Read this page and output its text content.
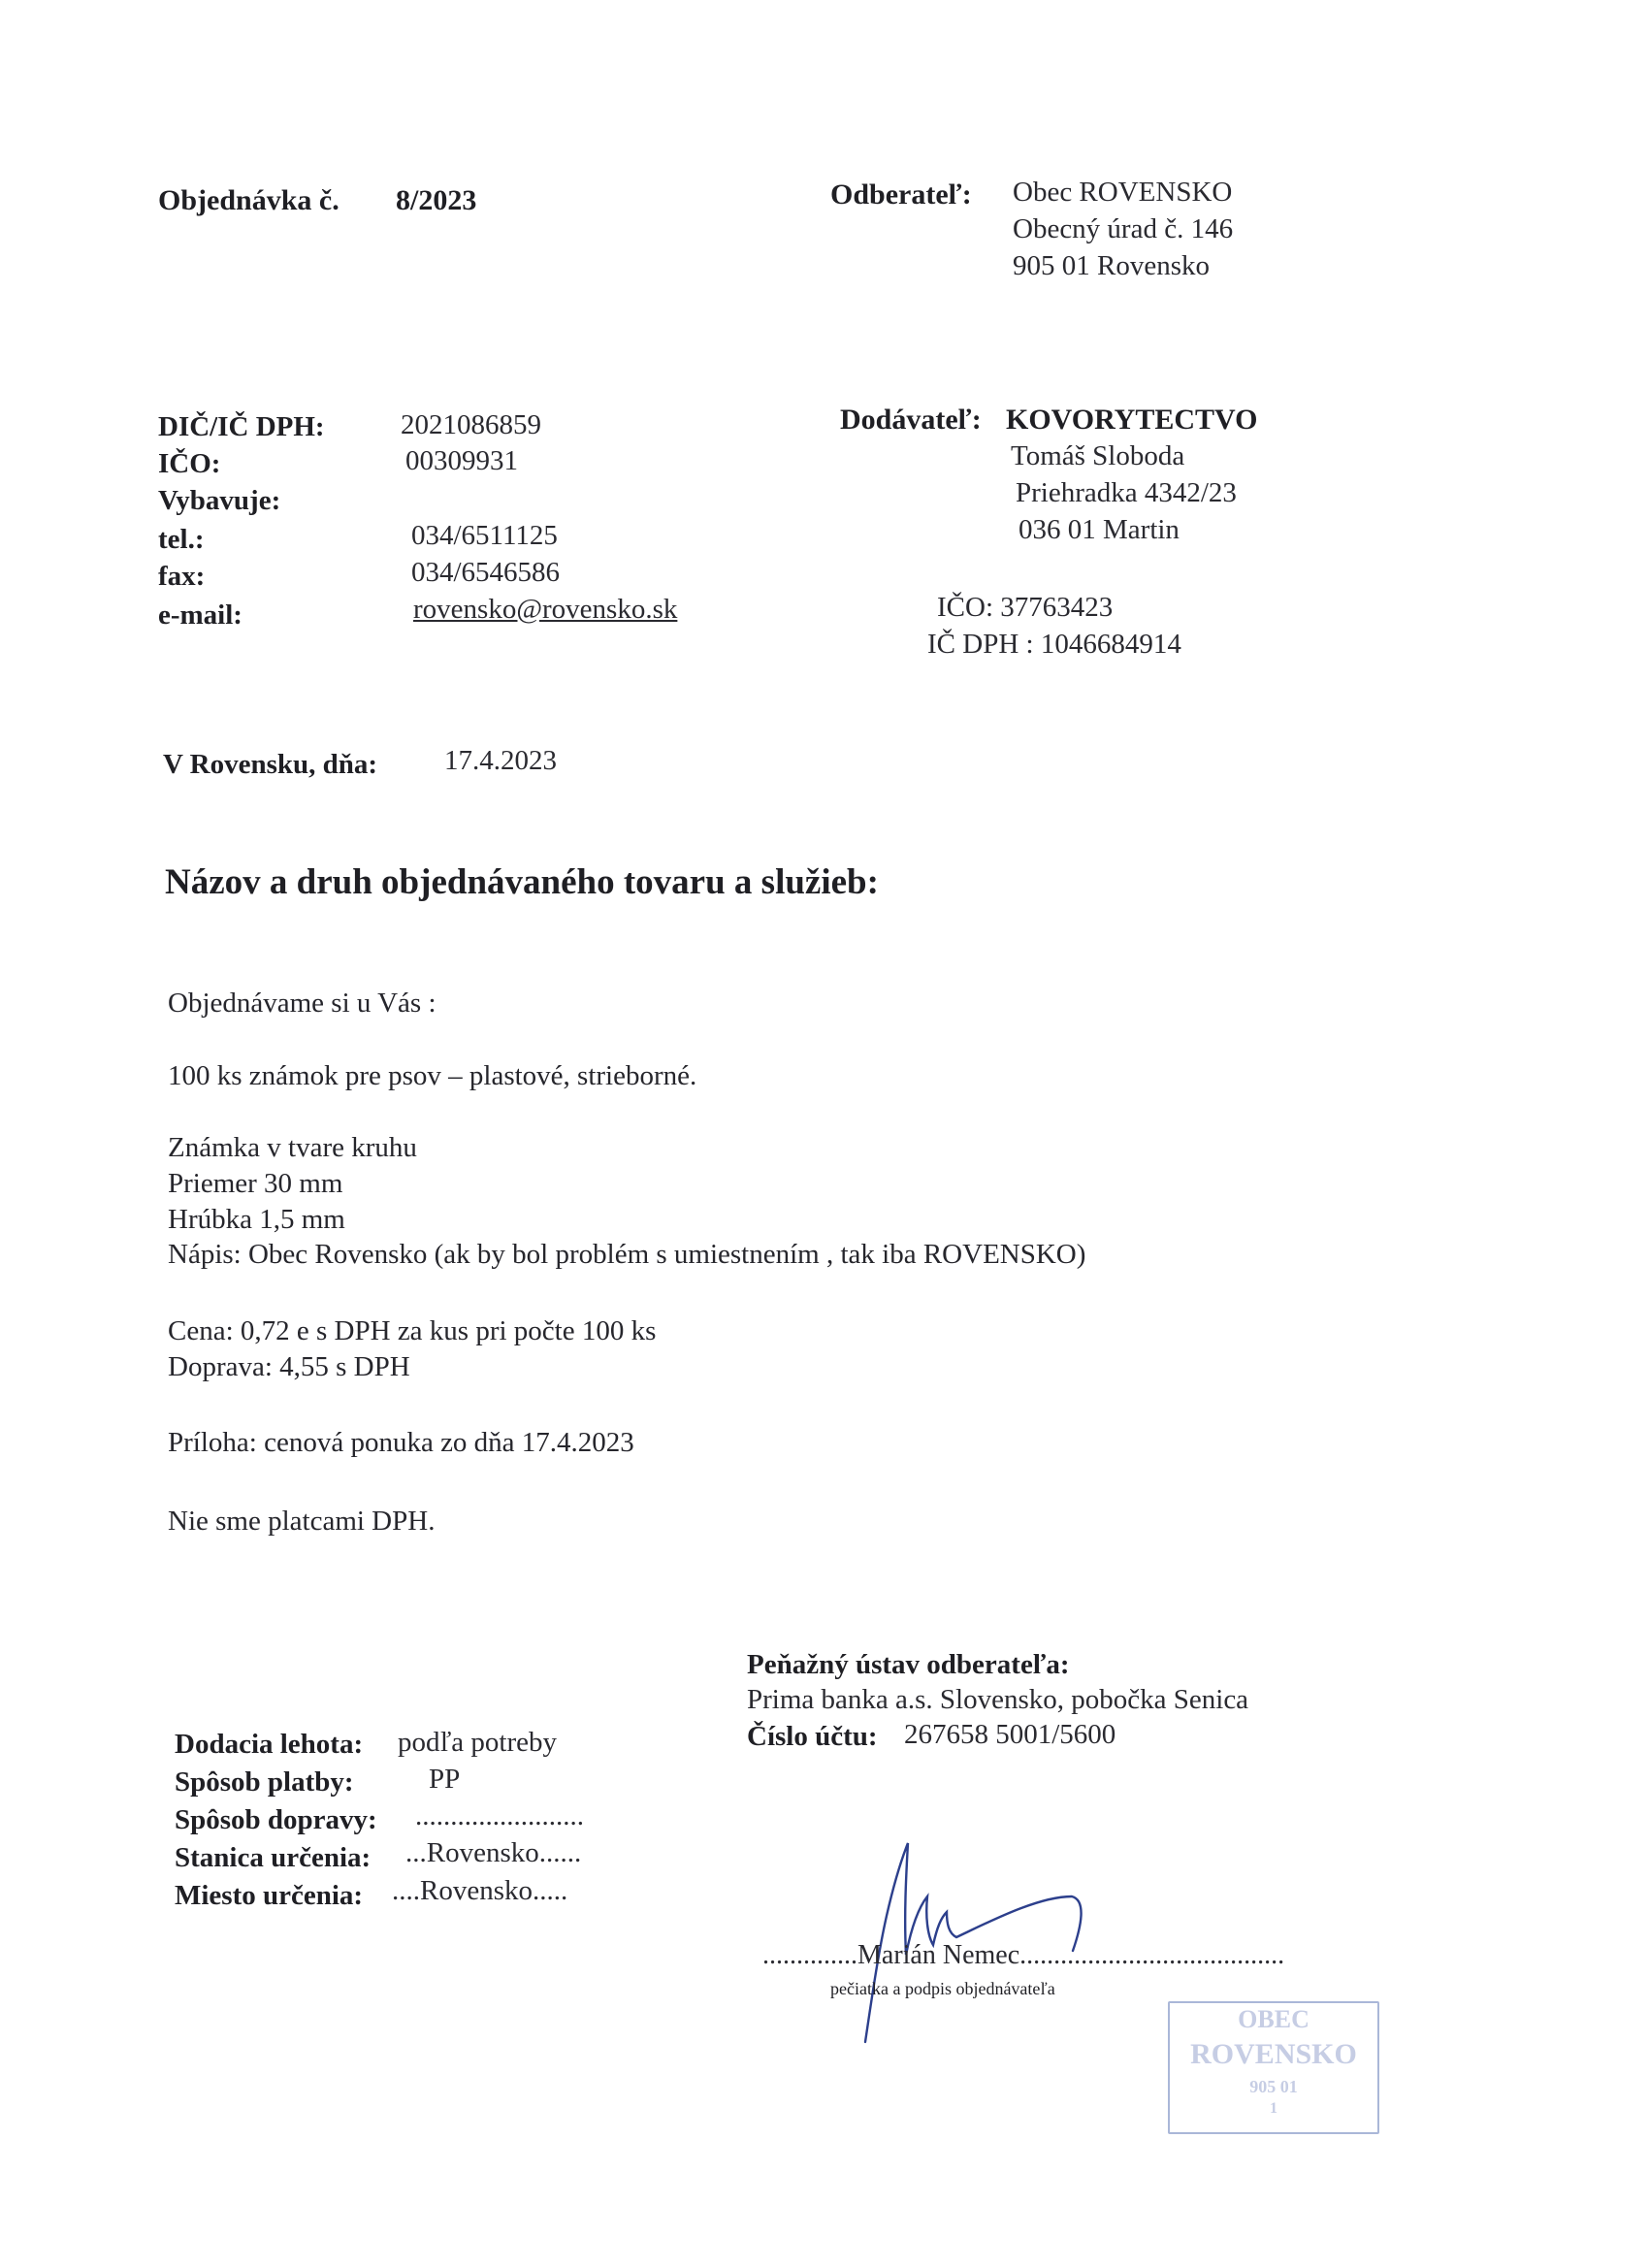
Objednávka č. 8/2023	Odberateľ: Obec ROVENSKO
Obecný úrad č. 146
905 01 Rovensko
DIČ/IČ DPH:	2021086859
IČO:	00309931
Vybavuje:
tel.:	034/6511125
fax:	034/6546586
e-mail:	rovensko@rovensko.sk
Dodávateľ: KOVORYTECTVO
Tomáš Sloboda
Priehradka 4342/23
036 01 Martin
IČO: 37763423
IČ DPH : 1046684914
V Rovensku, dňa: 17.4.2023
Názov a druh objednávaného tovaru a služieb:
Objednávame si u Vás :
100 ks známok pre psov – plastové, strieborné.
Známka v tvare kruhu
Priemer 30 mm
Hrúbka 1,5 mm
Nápis: Obec Rovensko (ak by bol problém s umiestnením , tak iba ROVENSKO)
Cena: 0,72 e s DPH za kus pri počte 100 ks
Doprava: 4,55 s DPH
Príloha: cenová ponuka zo dňa 17.4.2023
Nie sme platcami DPH.
Peňažný ústav odberateľa:
Prima banka a.s. Slovensko, pobočka Senica
Číslo účtu: 267658 5001/5600
Dodacia lehota: podľa potreby
Spôsob platby:	PP
Spôsob dopravy: ........................
Stanica určenia: ...Rovensko......
Miesto určenia: ....Rovensko.....
..............Marián Nemec.......................................
pečiatka a podpis objednávateľa
OBEC
ROVENSKO
905 01
1
